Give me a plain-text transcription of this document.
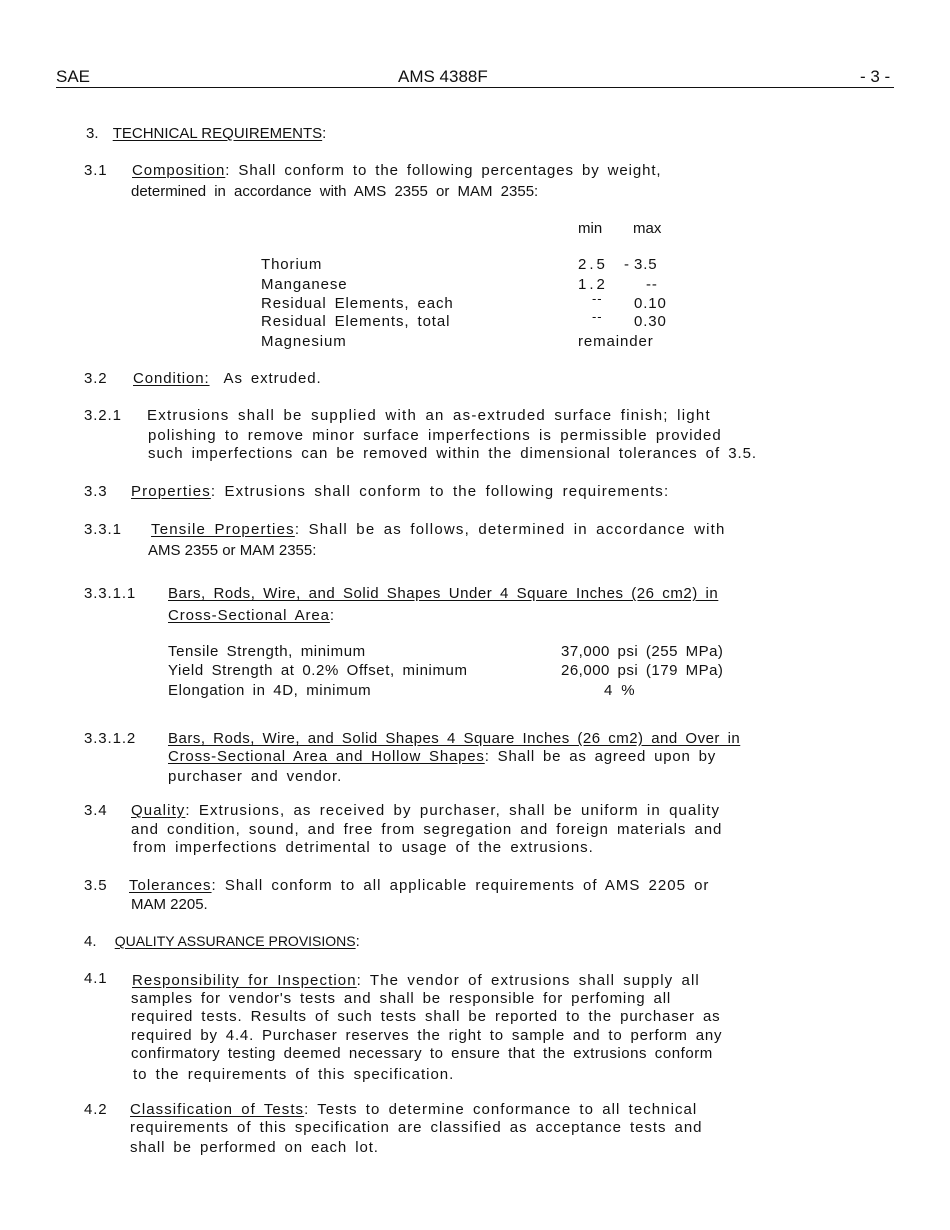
SAE	AMS 4388F	- 3 -
3. TECHNICAL REQUIREMENTS:
3.1 Composition: Shall conform to the following percentages by weight,
determined in accordance with AMS 2355 or MAM 2355:
min max
Thorium	2.5 - 3.5
Manganese	1.2	--
Residual Elements, each	-- 0.10
Residual Elements, total	-- 0.30
Magnesium	remainder
3.2 Condition: As extruded.
3.2.1 Extrusions shall be supplied with an as-extruded surface finish; light
polishing to remove minor surface imperfections is permissible provided
such imperfections can be removed within the dimensional tolerances of 3.5.
3.3 Properties: Extrusions shall conform to the following requirements:
3.3.1 Tensile Properties: Shall be as follows, determined in accordance with
AMS 2355 or MAM 2355:
3.3.1.1 Bars, Rods, Wire, and Solid Shapes Under 4 Square Inches (26 cm2) in
Cross-Sectional Area:
Tensile Strength, minimum	37,000 psi (255 MPa)
Yield Strength at 0.2% Offset, minimum	26,000 psi (179 MPa)
Elongation in 4D, minimum	4 %
3.3.1.2 Bars, Rods, Wire, and Solid Shapes 4 Square Inches (26 cm2) and Over in
Cross-Sectional Area and Hollow Shapes: Shall be as agreed upon by
purchaser and vendor.
3.4 Quality: Extrusions, as received by purchaser, shall be uniform in quality
and condition, sound, and free from segregation and foreign materials and
from imperfections detrimental to usage of the extrusions.
3.5 Tolerances: Shall conform to all applicable requirements of AMS 2205 or
MAM 2205.
4. QUALITY ASSURANCE PROVISIONS:
4.1 Responsibility for Inspection: The vendor of extrusions shall supply all
samples for vendor's tests and shall be responsible for perfoming all
required tests. Results of such tests shall be reported to the purchaser as
required by 4.4. Purchaser reserves the right to sample and to perform any
confirmatory testing deemed necessary to ensure that the extrusions conform
to the requirements of this specification.
4.2 Classification of Tests: Tests to determine conformance to all technical
requirements of this specification are classified as acceptance tests and
shall be performed on each lot.
